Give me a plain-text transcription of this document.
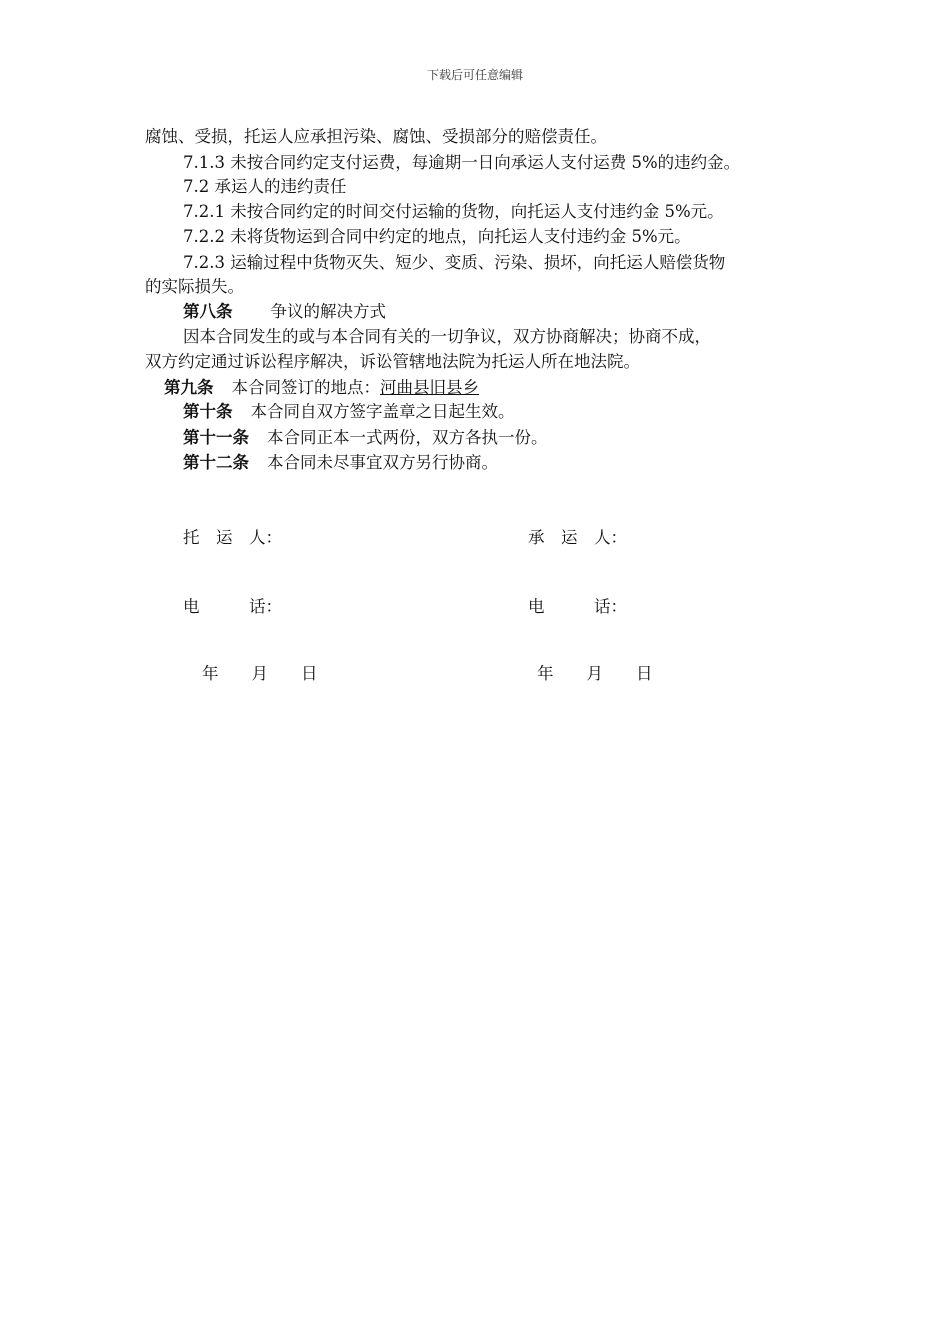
下载后可任意编辑
腐蚀、受损，托运人应承担污染、腐蚀、受损部分的赔偿责任。
7.1.3 未按合同约定支付运费，每逾期一日向承运人支付运费 5%的违约金。
7.2 承运人的违约责任
7.2.1 未按合同约定的时间交付运输的货物，向托运人支付违约金 5%元。
7.2.2 未将货物运到合同中约定的地点，向托运人支付违约金 5%元。
7.2.3 运输过程中货物灭失、短少、变质、污染、损坏，向托运人赔偿货物
的实际损失。
第八条 争议的解决方式
因本合同发生的或与本合同有关的一切争议，双方协商解决；协商不成，
双方约定通过诉讼程序解决，诉讼管辖地法院为托运人所在地法院。
第九条 本合同签订的地点：河曲县旧县乡
第十条 本合同自双方签字盖章之日起生效。
第十一条 本合同正本一式两份，双方各执一份。
第十二条 本合同未尽事宜双方另行协商。
托　运　人：	承　运　人：
电　　　话：	电　　　话：
年　　月　　日	年　　月　　日
